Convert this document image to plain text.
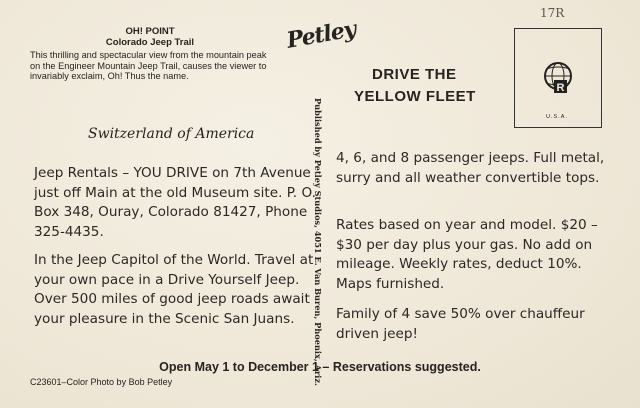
17R
OH! POINT
Colorado Jeep Trail
This thrilling and spectacular view from the mountain peak on the Engineer Mountain Jeep Trail, causes the viewer to invariably exclaim, Oh! Thus the name.
Petley
DRIVE THE
YELLOW FLEET	R
U.S.A.
Switzerland of America
Jeep Rentals – YOU DRIVE on 7th Avenue just off Main at the old Museum site. P. O. Box 348, Ouray, Colorado 81427, Phone 325-4435.
In the Jeep Capitol of the World. Travel at your own pace in a Drive Yourself Jeep. Over 500 miles of good jeep roads await your pleasure in the Scenic San Juans.	Published by Petley Studios, 4051 E. Van Buren, Phoenix, Ariz. 4, 6, and 8 passenger jeeps. Full metal, surry and all weather convertible tops.
Rates based on year and model. $20 – $30 per day plus your gas. No add on mileage. Weekly rates, deduct 10%. Maps furnished.
Family of 4 save 50% over chauffeur driven jeep!
Open May 1 to December 1 – Reservations suggested.
C23601–Color Photo by Bob Petley
